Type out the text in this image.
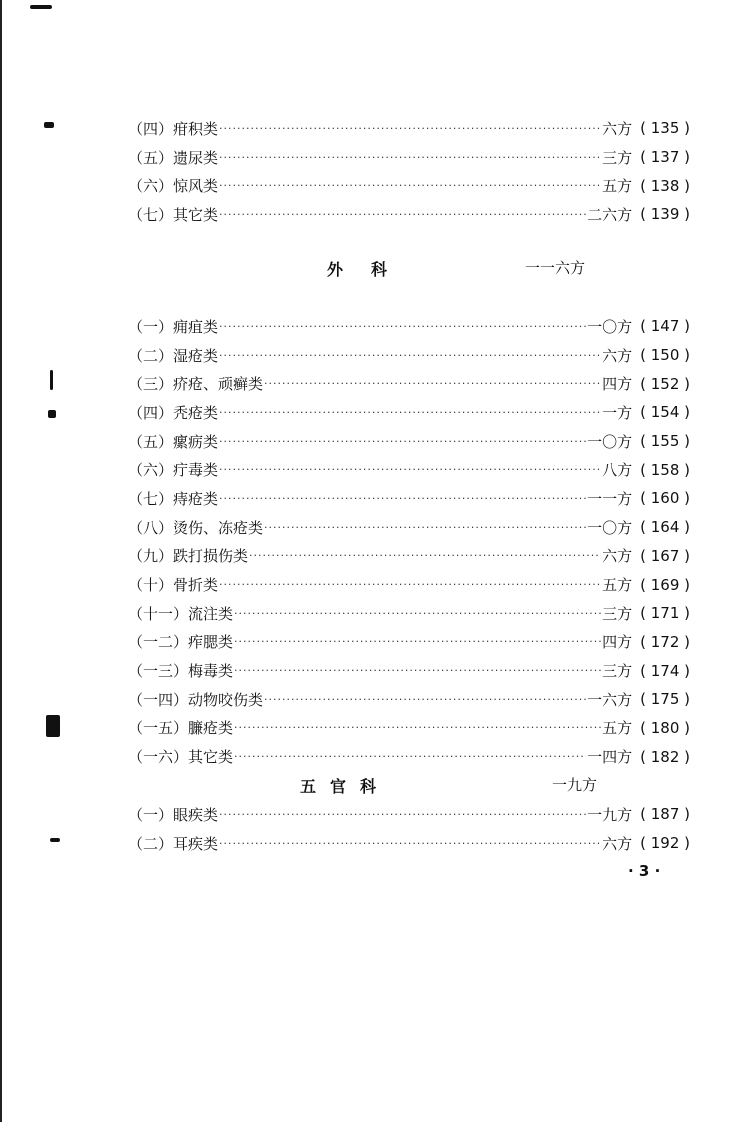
（四） 疳积类 ·····	六方 ( 135 )
（五） 遗尿类 ·····	三方 ( 137 )
（六） 惊风类 ·····	五方 ( 138 )
（七） 其它类 ·····	二六方 ( 139 )
外科	一一六方
（一） 痈疽类 ·····	一〇方 ( 147 )
（二） 湿疮类 ·····	六方 ( 150 )
（三） 疥疮、顽癣类 ·····	四方 ( 152 )
（四） 秃疮类 ·····	一方 ( 154 )
（五） 瘰疬类 ·····	一〇方 ( 155 )
（六） 疔毒类 ·····	八方 ( 158 )
（七） 痔疮类 ·····	一一方 ( 160 )
（八） 烫伤、冻疮类 ·····	一〇方 ( 164 )
（九） 跌打损伤类 ·····	六方 ( 167 )
（十） 骨折类 ·····	五方 ( 169 )
（十一） 流注类 ·····	三方 ( 171 )
（一二） 痄腮类 ·····	四方 ( 172 )
（一三） 梅毒类 ·····	三方 ( 174 )
（一四） 动物咬伤类 ·····	一六方 ( 175 )
（一五） 臁疮类 ·····	五方 ( 180 )
（一六） 其它类 ·····	一四方 ( 182 )
五官科	一九方
（一） 眼疾类 ·····	一九方 ( 187 )
（二） 耳疾类 ·····	六方 ( 192 )
· 3 ·
